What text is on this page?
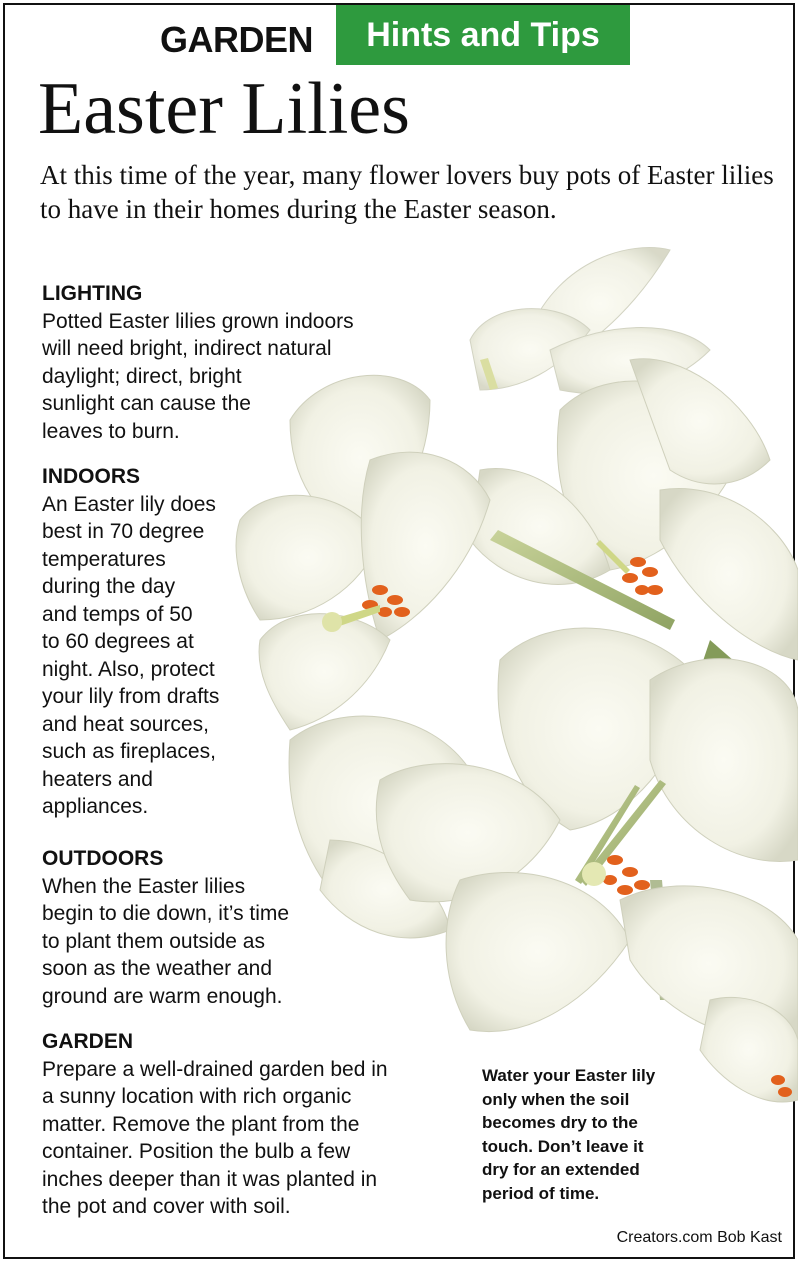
GARDEN Hints and Tips
Easter Lilies
At this time of the year, many flower lovers buy pots of Easter lilies to have in their homes during the Easter season.
LIGHTING
Potted Easter lilies grown indoors
will need bright, indirect natural
daylight; direct, bright
sunlight can cause the
leaves to burn.
INDOORS
An Easter lily does
best in 70 degree
temperatures
during the day
and temps of 50
to 60 degrees at
night. Also, protect
your lily from drafts
and heat sources,
such as fireplaces,
heaters and
appliances.
OUTDOORS
When the Easter lilies
begin to die down, it’s time
to plant them outside as
soon as the weather and
ground are warm enough.
GARDEN
Prepare a well-drained garden bed in
a sunny location with rich organic
matter. Remove the plant from the
container. Position the bulb a few
inches deeper than it was planted in
the pot and cover with soil.
Water your Easter lily
only when the soil
becomes dry to the
touch. Don’t leave it
dry for an extended
period of time.
Creators.com Bob Kast
